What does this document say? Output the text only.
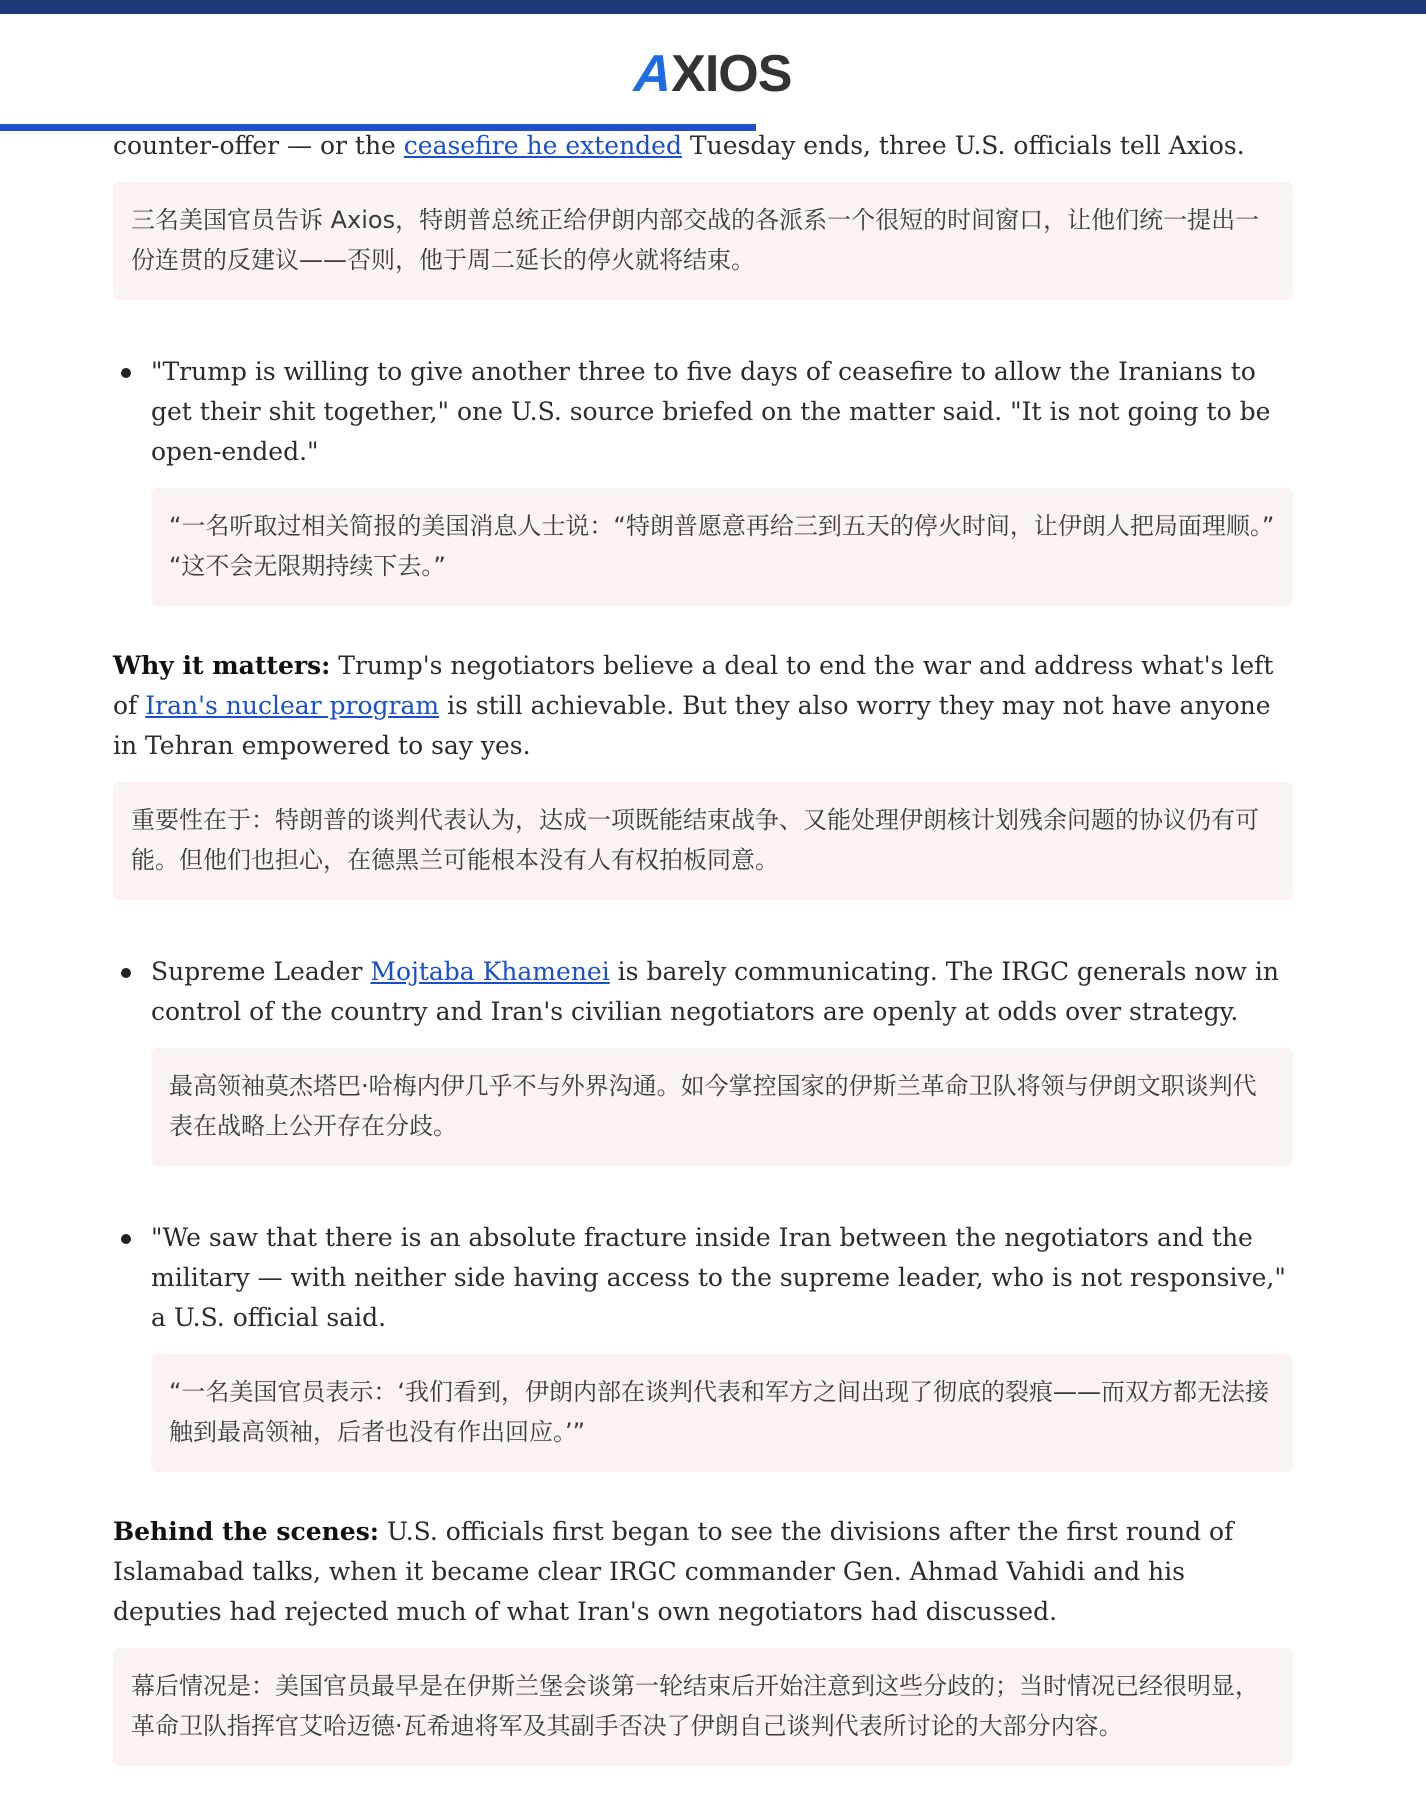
AXIOS

counter-offer — or the ceasefire he extended Tuesday ends, three U.S. officials tell Axios.

三名美国官员告诉 Axios，特朗普总统正给伊朗内部交战的各派系一个很短的时间窗口，让他们统一提出一份连贯的反建议——否则，他于周二延长的停火就将结束。

"Trump is willing to give another three to five days of ceasefire to allow the Iranians to get their shit together," one U.S. source briefed on the matter said. "It is not going to be open-ended."

“一名听取过相关简报的美国消息人士说：“特朗普愿意再给三到五天的停火时间，让伊朗人把局面理顺。” “这不会无限期持续下去。”

Why it matters: Trump's negotiators believe a deal to end the war and address what's left of Iran's nuclear program is still achievable. But they also worry they may not have anyone in Tehran empowered to say yes.

重要性在于：特朗普的谈判代表认为，达成一项既能结束战争、又能处理伊朗核计划残余问题的协议仍有可能。但他们也担心，在德黑兰可能根本没有人有权拍板同意。

Supreme Leader Mojtaba Khamenei is barely communicating. The IRGC generals now in control of the country and Iran's civilian negotiators are openly at odds over strategy.

最高领袖莫杰塔巴·哈梅内伊几乎不与外界沟通。如今掌控国家的伊斯兰革命卫队将领与伊朗文职谈判代表在战略上公开存在分歧。

"We saw that there is an absolute fracture inside Iran between the negotiators and the military — with neither side having access to the supreme leader, who is not responsive," a U.S. official said.

“一名美国官员表示：‘我们看到，伊朗内部在谈判代表和军方之间出现了彻底的裂痕——而双方都无法接触到最高领袖，后者也没有作出回应。’”

Behind the scenes: U.S. officials first began to see the divisions after the first round of Islamabad talks, when it became clear IRGC commander Gen. Ahmad Vahidi and his deputies had rejected much of what Iran's own negotiators had discussed.

幕后情况是：美国官员最早是在伊斯兰堡会谈第一轮结束后开始注意到这些分歧的；当时情况已经很明显，革命卫队指挥官艾哈迈德·瓦希迪将军及其副手否决了伊朗自己谈判代表所讨论的大部分内容。
